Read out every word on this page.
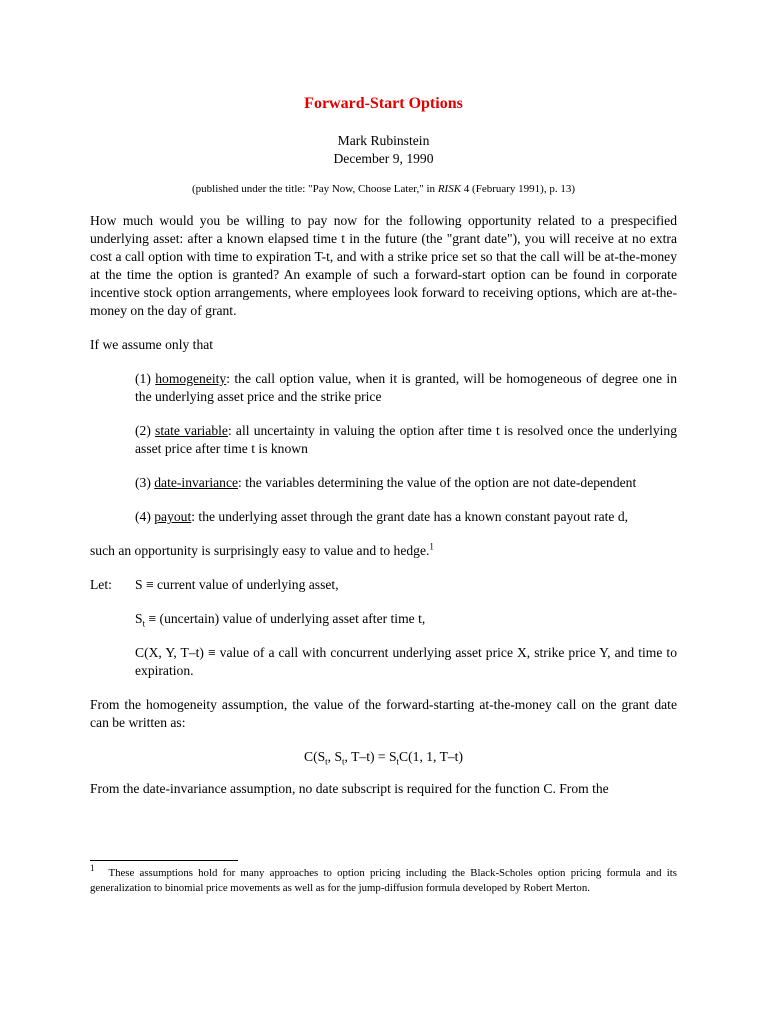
Forward-Start Options
Mark Rubinstein
December 9, 1990
(published under the title: "Pay Now, Choose Later," in RISK 4 (February 1991), p. 13)

How much would you be willing to pay now for the following opportunity related to a prespecified underlying asset: after a known elapsed time t in the future (the "grant date"), you will receive at no extra cost a call option with time to expiration T-t, and with a strike price set so that the call will be at-the-money at the time the option is granted? An example of such a forward-start option can be found in corporate incentive stock option arrangements, where employees look forward to receiving options, which are at-the-money on the day of grant.

If we assume only that

(1) homogeneity: the call option value, when it is granted, will be homogeneous of degree one in the underlying asset price and the strike price
(2) state variable: all uncertainty in valuing the option after time t is resolved once the underlying asset price after time t is known
(3) date-invariance: the variables determining the value of the option are not date-dependent
(4) payout: the underlying asset through the grant date has a known constant payout rate d,

such an opportunity is surprisingly easy to value and to hedge.$^1$

Let:	S ≡ current value of underlying asset,
$S_t$ ≡ (uncertain) value of underlying asset after time t,
C(X, Y, T–t) ≡ value of a call with concurrent underlying asset price X, strike price Y, and time to expiration.

From the homogeneity assumption, the value of the forward-starting at-the-money call on the grant date can be written as:

$C(S_t$, $S_t$, $T-t) = S_tC(1$, 1, T–t)

From the date-invariance assumption, no date subscript is required for the function C. From the

$^1$ These assumptions hold for many approaches to option pricing including the Black-Scholes option pricing formula and its generalization to binomial price movements as well as for the jump-diffusion formula developed by Robert Merton.
